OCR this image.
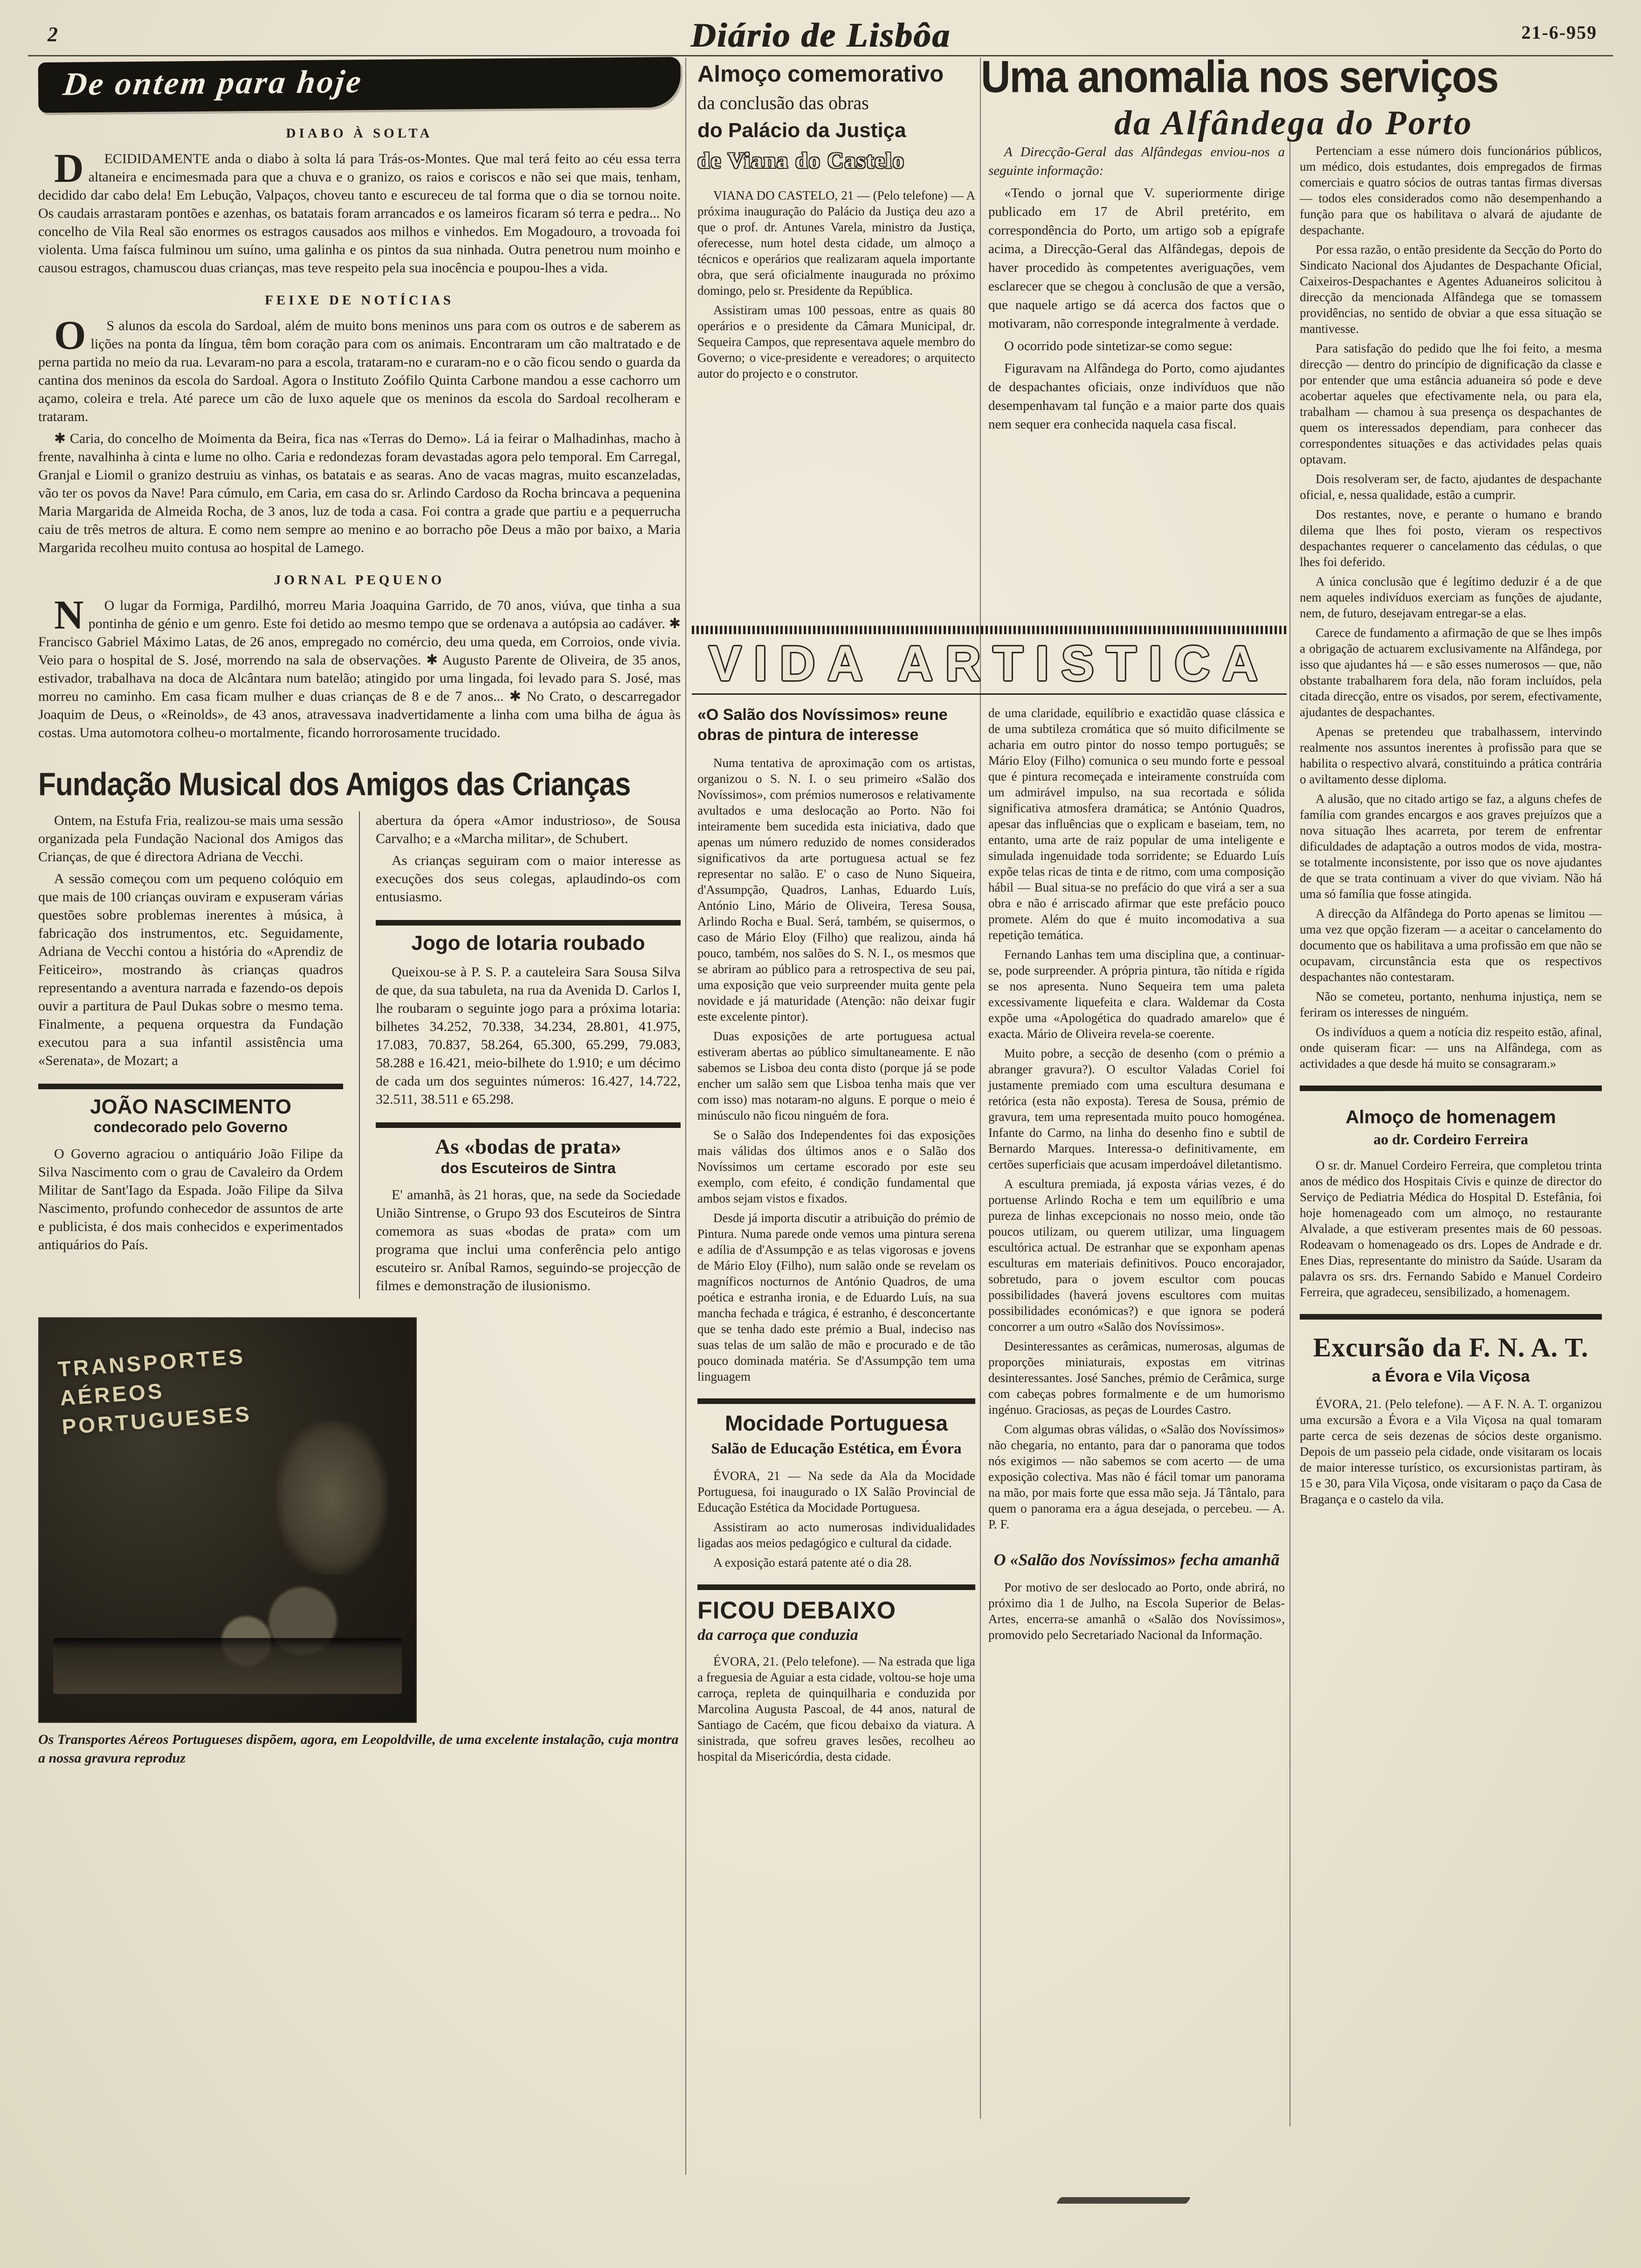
2	Diário de Lisbôa	21-6-959
De ontem para hoje
DIABO À SOLTA

DECIDIDAMENTE anda o diabo à solta lá para Trás-os-Montes. Que mal terá feito ao céu essa terra altaneira e encimesmada para que a chuva e o granizo, os raios e coriscos e não sei que mais, tenham, decidido dar cabo dela! Em Lebução, Valpaços, choveu tanto e escureceu de tal forma que o dia se tornou noite. Os caudais arrastaram pontões e azenhas, os batatais foram arrancados e os lameiros ficaram só terra e pedra... No concelho de Vila Real são enormes os estragos causados aos milhos e vinhedos. Em Mogadouro, a trovoada foi violenta. Uma faísca fulminou um suíno, uma galinha e os pintos da sua ninhada. Outra penetrou num moinho e causou estragos, chamuscou duas crianças, mas teve respeito pela sua inocência e poupou-lhes a vida.

FEIXE DE NOTÍCIAS

OS alunos da escola do Sardoal, além de muito bons meninos uns para com os outros e de saberem as lições na ponta da língua, têm bom coração para com os animais. Encontraram um cão maltratado e de perna partida no meio da rua. Levaram-no para a escola, trataram-no e curaram-no e o cão ficou sendo o guarda da cantina dos meninos da escola do Sardoal. Agora o Instituto Zoófilo Quinta Carbone mandou a esse cachorro um açamo, coleira e trela. Até parece um cão de luxo aquele que os meninos da escola do Sardoal recolheram e trataram.

✱ Caria, do concelho de Moimenta da Beira, fica nas «Terras do Demo». Lá ia feirar o Malhadinhas, macho à frente, navalhinha à cinta e lume no olho. Caria e redondezas foram devastadas agora pelo temporal. Em Carregal, Granjal e Liomil o granizo destruiu as vinhas, os batatais e as searas. Ano de vacas magras, muito escanzeladas, vão ter os povos da Nave! Para cúmulo, em Caria, em casa do sr. Arlindo Cardoso da Rocha brincava a pequenina Maria Margarida de Almeida Rocha, de 3 anos, luz de toda a casa. Foi contra a grade que partiu e a pequerrucha caiu de três metros de altura. E como nem sempre ao menino e ao borracho põe Deus a mão por baixo, a Maria Margarida recolheu muito contusa ao hospital de Lamego.

JORNAL PEQUENO

NO lugar da Formiga, Pardilhó, morreu Maria Joaquina Garrido, de 70 anos, viúva, que tinha a sua pontinha de génio e um genro. Este foi detido ao mesmo tempo que se ordenava a autópsia ao cadáver. ✱ Francisco Gabriel Máximo Latas, de 26 anos, empregado no comércio, deu uma queda, em Corroios, onde vivia. Veio para o hospital de S. José, morrendo na sala de observações. ✱ Augusto Parente de Oliveira, de 35 anos, estivador, trabalhava na doca de Alcântara num batelão; atingido por uma lingada, foi levado para S. José, mas morreu no caminho. Em casa ficam mulher e duas crianças de 8 e de 7 anos... ✱ No Crato, o descarregador Joaquim de Deus, o «Reinolds», de 43 anos, atravessava inadvertidamente a linha com uma bilha de água às costas. Uma automotora colheu-o mortalmente, ficando horrorosamente trucidado.

Fundação Musical dos Amigos das Crianças

Ontem, na Estufa Fria, realizou-se mais uma sessão organizada pela Fundação Nacional dos Amigos das Crianças, de que é directora Adriana de Vecchi.

A sessão começou com um pequeno colóquio em que mais de 100 crianças ouviram e expuseram várias questões sobre problemas inerentes à música, à fabricação dos instrumentos, etc. Seguidamente, Adriana de Vecchi contou a história do «Aprendiz de Feiticeiro», mostrando às crianças quadros representando a aventura narrada e fazendo-os depois ouvir a partitura de Paul Dukas sobre o mesmo tema. Finalmente, a pequena orquestra da Fundação executou para a sua infantil assistência uma «Serenata», de Mozart; a

JOÃO NASCIMENTO
condecorado pelo Governo

O Governo agraciou o antiquário João Filipe da Silva Nascimento com o grau de Cavaleiro da Ordem Militar de Sant'Iago da Espada. João Filipe da Silva Nascimento, profundo conhecedor de assuntos de arte e publicista, é dos mais conhecidos e experimentados antiquários do País.

abertura da ópera «Amor industrioso», de Sousa Carvalho; e a «Marcha militar», de Schubert.

As crianças seguiram com o maior interesse as execuções dos seus colegas, aplaudindo-os com entusiasmo.

Jogo de lotaria roubado

Queixou-se à P. S. P. a cauteleira Sara Sousa Silva de que, da sua tabuleta, na rua da Avenida D. Carlos I, lhe roubaram o seguinte jogo para a próxima lotaria: bilhetes 34.252, 70.338, 34.234, 28.801, 41.975, 17.083, 70.837, 58.264, 65.300, 65.299, 79.083, 58.288 e 16.421, meio-bilhete do 1.910; e um décimo de cada um dos seguintes números: 16.427, 14.722, 32.511, 38.511 e 65.298.

As «bodas de prata»
dos Escuteiros de Sintra

E' amanhã, às 21 horas, que, na sede da Sociedade União Sintrense, o Grupo 93 dos Escuteiros de Sintra comemora as suas «bodas de prata» com um programa que inclui uma conferência pelo antigo escuteiro sr. Aníbal Ramos, seguindo-se projecção de filmes e demonstração de ilusionismo.

TRANSPORTES
AÉREOS
PORTUGUESES
Os Transportes Aéreos Portugueses dispõem, agora, em Leopoldville, de uma excelente instalação, cuja montra a nossa gravura reproduz
Almoço comemorativo
da conclusão das obras
do Palácio da Justiça
de Viana do Castelo

VIANA DO CASTELO, 21 — (Pelo telefone) — A próxima inauguração do Palácio da Justiça deu azo a que o prof. dr. Antunes Varela, ministro da Justiça, oferecesse, num hotel desta cidade, um almoço a técnicos e operários que realizaram aquela importante obra, que será oficialmente inaugurada no próximo domingo, pelo sr. Presidente da República.

Assistiram umas 100 pessoas, entre as quais 80 operários e o presidente da Câmara Municipal, dr. Sequeira Campos, que representava aquele membro do Governo; o vice-presidente e vereadores; o arquitecto autor do projecto e o construtor.

Uma anomalia nos serviços
da Alfândega do Porto

A Direcção-Geral das Alfândegas enviou-nos a seguinte informação:

«Tendo o jornal que V. superiormente dirige publicado em 17 de Abril pretérito, em correspondência do Porto, um artigo sob a epígrafe acima, a Direcção-Geral das Alfândegas, depois de haver procedido às competentes averiguações, vem esclarecer que se chegou à conclusão de que a versão, que naquele artigo se dá acerca dos factos que o motivaram, não corresponde integralmente à verdade.

O ocorrido pode sintetizar-se como segue:

Figuravam na Alfândega do Porto, como ajudantes de despachantes oficiais, onze indivíduos que não desempenhavam tal função e a maior parte dos quais nem sequer era conhecida naquela casa fiscal.

Pertenciam a esse número dois funcionários públicos, um médico, dois estudantes, dois empregados de firmas comerciais e quatro sócios de outras tantas firmas diversas — todos eles considerados como não desempenhando a função para que os habilitava o alvará de ajudante de despachante.

Por essa razão, o então presidente da Secção do Porto do Sindicato Nacional dos Ajudantes de Despachante Oficial, Caixeiros-Despachantes e Agentes Aduaneiros solicitou à direcção da mencionada Alfândega que se tomassem providências, no sentido de obviar a que essa situação se mantivesse.

Para satisfação do pedido que lhe foi feito, a mesma direcção — dentro do princípio de dignificação da classe e por entender que uma estância aduaneira só pode e deve acobertar aqueles que efectivamente nela, ou para ela, trabalham — chamou à sua presença os despachantes de quem os interessados dependiam, para conhecer das correspondentes situações e das actividades pelas quais optavam.

Dois resolveram ser, de facto, ajudantes de despachante oficial, e, nessa qualidade, estão a cumprir.

Dos restantes, nove, e perante o humano e brando dilema que lhes foi posto, vieram os respectivos despachantes requerer o cancelamento das cédulas, o que lhes foi deferido.

A única conclusão que é legítimo deduzir é a de que nem aqueles indivíduos exerciam as funções de ajudante, nem, de futuro, desejavam entregar-se a elas.

Carece de fundamento a afirmação de que se lhes impôs a obrigação de actuarem exclusivamente na Alfândega, por isso que ajudantes há — e são esses numerosos — que, não obstante trabalharem fora dela, não foram incluídos, pela citada direcção, entre os visados, por serem, efectivamente, ajudantes de despachantes.

Apenas se pretendeu que trabalhassem, intervindo realmente nos assuntos inerentes à profissão para que se habilita o respectivo alvará, constituindo a prática contrária o aviltamento desse diploma.

A alusão, que no citado artigo se faz, a alguns chefes de família com grandes encargos e aos graves prejuízos que a nova situação lhes acarreta, por terem de enfrentar dificuldades de adaptação a outros modos de vida, mostra-se totalmente inconsistente, por isso que os nove ajudantes de que se trata continuam a viver do que viviam. Não há uma só família que fosse atingida.

A direcção da Alfândega do Porto apenas se limitou — uma vez que opção fizeram — a aceitar o cancelamento do documento que os habilitava a uma profissão em que não se ocupavam, circunstância esta que os respectivos despachantes não contestaram.

Não se cometeu, portanto, nenhuma injustiça, nem se feriram os interesses de ninguém.

Os indivíduos a quem a notícia diz respeito estão, afinal, onde quiseram ficar: — uns na Alfândega, com as actividades a que desde há muito se consagraram.»

Almoço de homenagem
ao dr. Cordeiro Ferreira

O sr. dr. Manuel Cordeiro Ferreira, que completou trinta anos de médico dos Hospitais Civis e quinze de director do Serviço de Pediatria Médica do Hospital D. Estefânia, foi hoje homenageado com um almoço, no restaurante Alvalade, a que estiveram presentes mais de 60 pessoas. Rodeavam o homenageado os drs. Lopes de Andrade e dr. Enes Dias, representante do ministro da Saúde. Usaram da palavra os srs. drs. Fernando Sabido e Manuel Cordeiro Ferreira, que agradeceu, sensibilizado, a homenagem.

Excursão da F. N. A. T.
a Évora e Vila Viçosa

ÉVORA, 21. (Pelo telefone). — A F. N. A. T. organizou uma excursão a Évora e a Vila Viçosa na qual tomaram parte cerca de seis dezenas de sócios deste organismo. Depois de um passeio pela cidade, onde visitaram os locais de maior interesse turístico, os excursionistas partiram, às 15 e 30, para Vila Viçosa, onde visitaram o paço da Casa de Bragança e o castelo da vila.

VIDA ARTISTICA
«O Salão dos Novíssimos» reune obras de pintura de interesse

Numa tentativa de aproximação com os artistas, organizou o S. N. I. o seu primeiro «Salão dos Novíssimos», com prémios numerosos e relativamente avultados e uma deslocação ao Porto. Não foi inteiramente bem sucedida esta iniciativa, dado que apenas um número reduzido de nomes considerados significativos da arte portuguesa actual se fez representar no salão. E' o caso de Nuno Siqueira, d'Assumpção, Quadros, Lanhas, Eduardo Luís, António Lino, Mário de Oliveira, Teresa Sousa, Arlindo Rocha e Bual. Será, também, se quisermos, o caso de Mário Eloy (Filho) que realizou, ainda há pouco, também, nos salões do S. N. I., os mesmos que se abriram ao público para a retrospectiva de seu pai, uma exposição que veio surpreender muita gente pela novidade e já maturidade (Atenção: não deixar fugir este excelente pintor).

Duas exposições de arte portuguesa actual estiveram abertas ao público simultaneamente. E não sabemos se Lisboa deu conta disto (porque já se pode encher um salão sem que Lisboa tenha mais que ver com isso) mas notaram-no alguns. E porque o meio é minúsculo não ficou ninguém de fora.

Se o Salão dos Independentes foi das exposições mais válidas dos últimos anos e o Salão dos Novíssimos um certame escorado por este seu exemplo, com efeito, é condição fundamental que ambos sejam vistos e fixados.

Desde já importa discutir a atribuição do prémio de Pintura. Numa parede onde vemos uma pintura serena e adília de d'Assumpção e as telas vigorosas e jovens de Mário Eloy (Filho), num salão onde se revelam os magníficos nocturnos de António Quadros, de uma poética e estranha ironia, e de Eduardo Luís, na sua mancha fechada e trágica, é estranho, é desconcertante que se tenha dado este prémio a Bual, indeciso nas suas telas de um salão de mão e procurado e de tão pouco dominada matéria. Se d'Assumpção tem uma linguagem

Mocidade Portuguesa
Salão de Educação Estética, em Évora

ÉVORA, 21 — Na sede da Ala da Mocidade Portuguesa, foi inaugurado o IX Salão Provincial de Educação Estética da Mocidade Portuguesa.

Assistiram ao acto numerosas individualidades ligadas aos meios pedagógico e cultural da cidade.

A exposição estará patente até o dia 28.

FICOU DEBAIXO
da carroça que conduzia

ÉVORA, 21. (Pelo telefone). — Na estrada que liga a freguesia de Aguiar a esta cidade, voltou-se hoje uma carroça, repleta de quinquilharia e conduzida por Marcolina Augusta Pascoal, de 44 anos, natural de Santiago de Cacém, que ficou debaixo da viatura. A sinistrada, que sofreu graves lesões, recolheu ao hospital da Misericórdia, desta cidade.

de uma claridade, equilíbrio e exactidão quase clássica e de uma subtileza cromática que só muito dificilmente se acharia em outro pintor do nosso tempo português; se Mário Eloy (Filho) comunica o seu mundo forte e pessoal que é pintura recomeçada e inteiramente construída com um admirável impulso, na sua recortada e sólida significativa atmosfera dramática; se António Quadros, apesar das influências que o explicam e baseiam, tem, no entanto, uma arte de raiz popular de uma inteligente e simulada ingenuidade toda sorridente; se Eduardo Luís expõe telas ricas de tinta e de ritmo, com uma composição hábil — Bual situa-se no prefácio do que virá a ser a sua obra e não é arriscado afirmar que este prefácio pouco promete. Além do que é muito incomodativa a sua repetição temática.

Fernando Lanhas tem uma disciplina que, a continuar-se, pode surpreender. A própria pintura, tão nítida e rígida se nos apresenta. Nuno Sequeira tem uma paleta excessivamente liquefeita e clara. Waldemar da Costa expõe uma «Apologética do quadrado amarelo» que é exacta. Mário de Oliveira revela-se coerente.

Muito pobre, a secção de desenho (com o prémio a abranger gravura?). O escultor Valadas Coriel foi justamente premiado com uma escultura desumana e retórica (esta não exposta). Teresa de Sousa, prémio de gravura, tem uma representada muito pouco homogénea. Infante do Carmo, na linha do desenho fino e subtil de Bernardo Marques. Interessa-o definitivamente, em certões superficiais que acusam imperdoável diletantismo.

A escultura premiada, já exposta várias vezes, é do portuense Arlindo Rocha e tem um equilíbrio e uma pureza de linhas excepcionais no nosso meio, onde tão poucos utilizam, ou querem utilizar, uma linguagem escultórica actual. De estranhar que se exponham apenas esculturas em materiais definitivos. Pouco encorajador, sobretudo, para o jovem escultor com poucas possibilidades (haverá jovens escultores com muitas possibilidades económicas?) e que ignora se poderá concorrer a um outro «Salão dos Novíssimos».

Desinteressantes as cerâmicas, numerosas, algumas de proporções miniaturais, expostas em vitrinas desinteressantes. José Sanches, prémio de Cerâmica, surge com cabeças pobres formalmente e de um humorismo ingénuo. Graciosas, as peças de Lourdes Castro.

Com algumas obras válidas, o «Salão dos Novíssimos» não chegaria, no entanto, para dar o panorama que todos nós exigimos — não sabemos se com acerto — de uma exposição colectiva. Mas não é fácil tomar um panorama na mão, por mais forte que essa mão seja. Já Tântalo, para quem o panorama era a água desejada, o percebeu. — A. P. F.

O «Salão dos Novíssimos» fecha amanhã

Por motivo de ser deslocado ao Porto, onde abrirá, no próximo dia 1 de Julho, na Escola Superior de Belas-Artes, encerra-se amanhã o «Salão dos Novíssimos», promovido pelo Secretariado Nacional da Informação.
